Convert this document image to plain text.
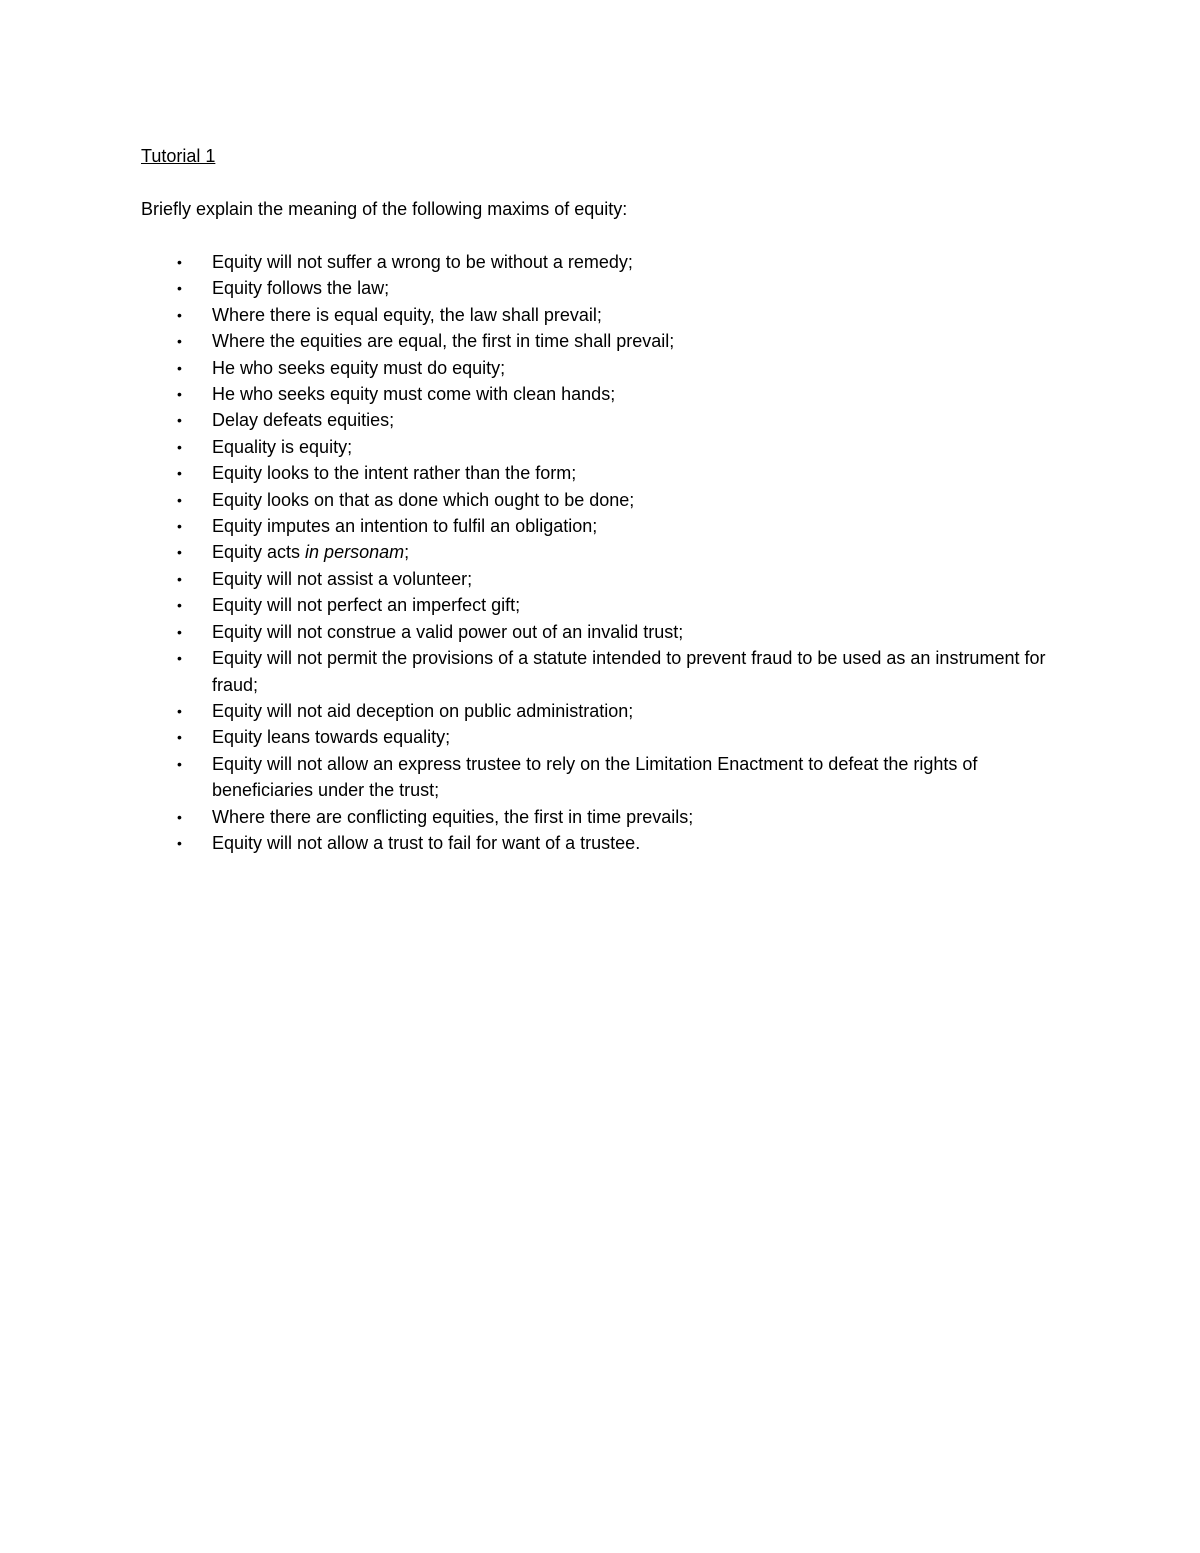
Tutorial 1

Briefly explain the meaning of the following maxims of equity:

• Equity will not suffer a wrong to be without a remedy;
• Equity follows the law;
• Where there is equal equity, the law shall prevail;
• Where the equities are equal, the first in time shall prevail;
• He who seeks equity must do equity;
• He who seeks equity must come with clean hands;
• Delay defeats equities;
• Equality is equity;
• Equity looks to the intent rather than the form;
• Equity looks on that as done which ought to be done;
• Equity imputes an intention to fulfil an obligation;
• Equity acts in personam;
• Equity will not assist a volunteer;
• Equity will not perfect an imperfect gift;
• Equity will not construe a valid power out of an invalid trust;
• Equity will not permit the provisions of a statute intended to prevent fraud to be used as an instrument for fraud;
• Equity will not aid deception on public administration;
• Equity leans towards equality;
• Equity will not allow an express trustee to rely on the Limitation Enactment to defeat the rights of beneficiaries under the trust;
• Where there are conflicting equities, the first in time prevails;
• Equity will not allow a trust to fail for want of a trustee.
